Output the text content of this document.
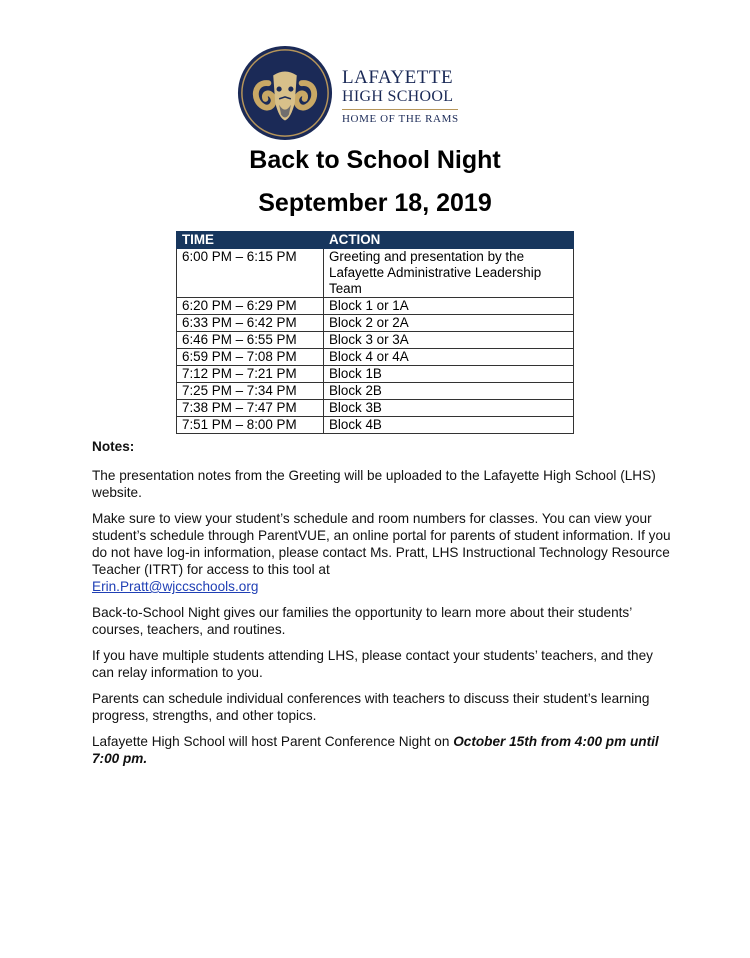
LAFAYETTE
HIGH SCHOOL
HOME OF THE RAMS
Back to School Night
September 18, 2019
TIME	ACTION
6:00 PM – 6:15 PM	Greeting and presentation by the Lafayette Administrative Leadership Team
6:20 PM – 6:29 PM	Block 1 or 1A
6:33 PM – 6:42 PM	Block 2 or 2A
6:46 PM – 6:55 PM	Block 3 or 3A
6:59 PM – 7:08 PM	Block 4 or 4A
7:12 PM – 7:21 PM	Block 1B
7:25 PM – 7:34 PM	Block 2B
7:38 PM – 7:47 PM	Block 3B
7:51 PM – 8:00 PM	Block 4B
Notes:

The presentation notes from the Greeting will be uploaded to the Lafayette High School (LHS) website.

Make sure to view your student’s schedule and room numbers for classes. You can view your student’s schedule through ParentVUE, an online portal for parents of student information. If you do not have log-in information, please contact Ms. Pratt, LHS Instructional Technology Resource Teacher (ITRT) for access to this tool at
Erin.Pratt@wjccschools.org

Back-to-School Night gives our families the opportunity to learn more about their students’ courses, teachers, and routines.

If you have multiple students attending LHS, please contact your students’ teachers, and they can relay information to you.

Parents can schedule individual conferences with teachers to discuss their student’s learning progress, strengths, and other topics.

Lafayette High School will host Parent Conference Night on October 15th from 4:00 pm until 7:00 pm.
